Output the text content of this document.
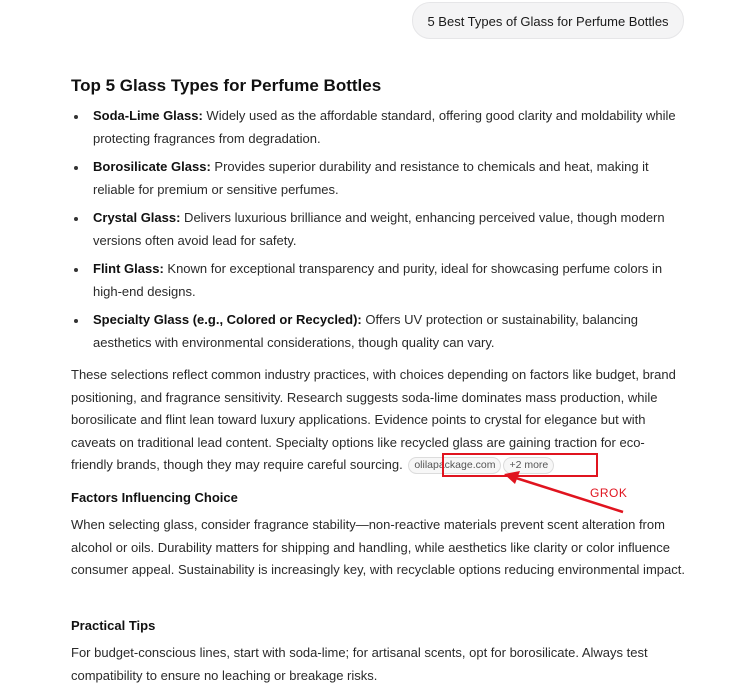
5 Best Types of Glass for Perfume Bottles
Top 5 Glass Types for Perfume Bottles
Soda-Lime Glass: Widely used as the affordable standard, offering good clarity and moldability while protecting fragrances from degradation.
Borosilicate Glass: Provides superior durability and resistance to chemicals and heat, making it reliable for premium or sensitive perfumes.
Crystal Glass: Delivers luxurious brilliance and weight, enhancing perceived value, though modern versions often avoid lead for safety.
Flint Glass: Known for exceptional transparency and purity, ideal for showcasing perfume colors in high-end designs.
Specialty Glass (e.g., Colored or Recycled): Offers UV protection or sustainability, balancing aesthetics with environmental considerations, though quality can vary.

These selections reflect common industry practices, with choices depending on factors like budget, brand positioning, and fragrance sensitivity. Research suggests soda-lime dominates mass production, while borosilicate and flint lean toward luxury applications. Evidence points to crystal for elegance but with caveats on traditional lead content. Specialty options like recycled glass are gaining traction for eco-friendly brands, though they may require careful sourcing. olilapackage.com +2 more

Factors Influencing Choice

When selecting glass, consider fragrance stability—non-reactive materials prevent scent alteration from alcohol or oils. Durability matters for shipping and handling, while aesthetics like clarity or color influence consumer appeal. Sustainability is increasingly key, with recyclable options reducing environmental impact.

Practical Tips

For budget-conscious lines, start with soda-lime; for artisanal scents, opt for borosilicate. Always test compatibility to ensure no leaching or breakage risks.

GROK
